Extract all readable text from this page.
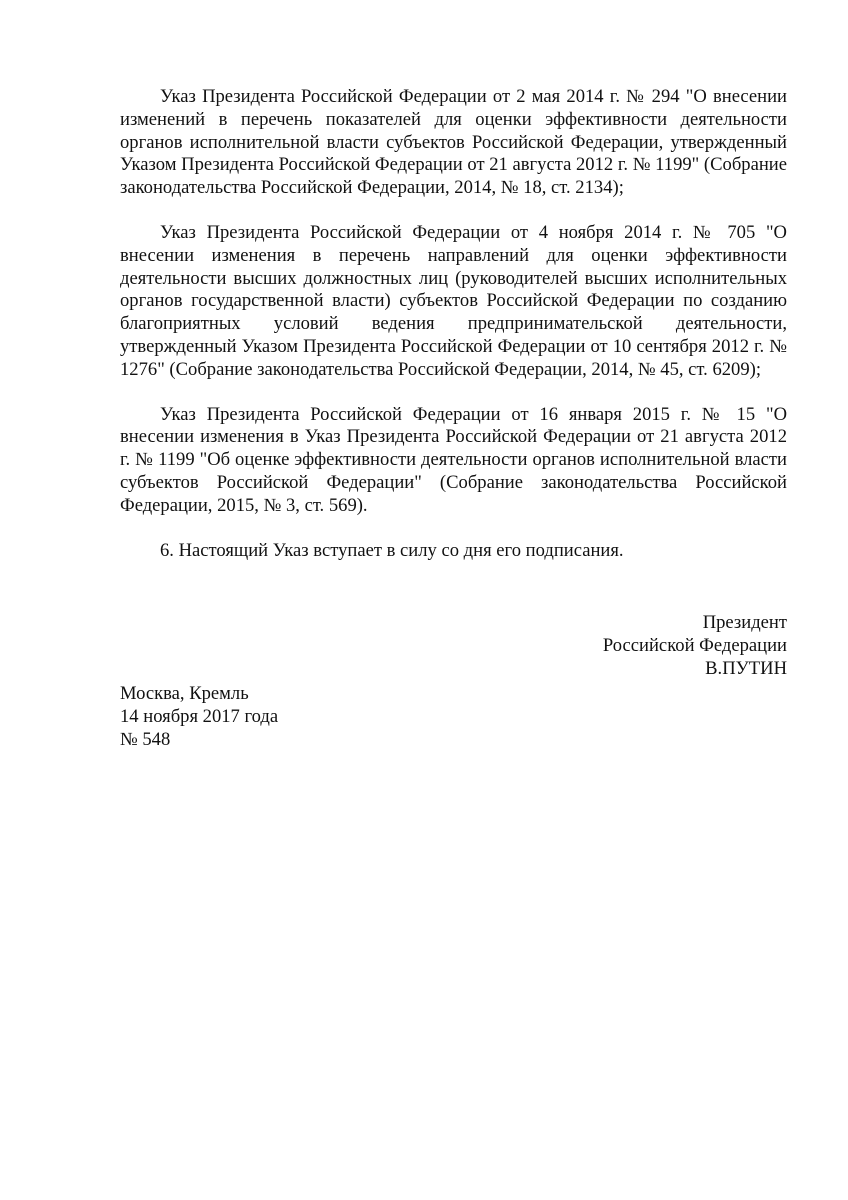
Указ Президента Российской Федерации от 2 мая 2014 г. № 294 "О внесении изменений в перечень показателей для оценки эффективности деятельности органов исполнительной власти субъектов Российской Федерации, утвержденный Указом Президента Российской Федерации от 21 августа 2012 г. № 1199" (Собрание законодательства Российской Федерации, 2014, № 18, ст. 2134);

Указ Президента Российской Федерации от 4 ноября 2014 г. № 705 "О внесении изменения в перечень направлений для оценки эффективности деятельности высших должностных лиц (руководителей высших исполнительных органов государственной власти) субъектов Российской Федерации по созданию благоприятных условий ведения предпринимательской деятельности, утвержденный Указом Президента Российской Федерации от 10 сентября 2012 г. № 1276" (Собрание законодательства Российской Федерации, 2014, № 45, ст. 6209);

Указ Президента Российской Федерации от 16 января 2015 г. № 15 "О внесении изменения в Указ Президента Российской Федерации от 21 августа 2012 г. № 1199 "Об оценке эффективности деятельности органов исполнительной власти субъектов Российской Федерации" (Собрание законодательства Российской Федерации, 2015, № 3, ст. 569).

6. Настоящий Указ вступает в силу со дня его подписания.

Президент
Российской Федерации
В.ПУТИН
Москва, Кремль
14 ноября 2017 года
№ 548
